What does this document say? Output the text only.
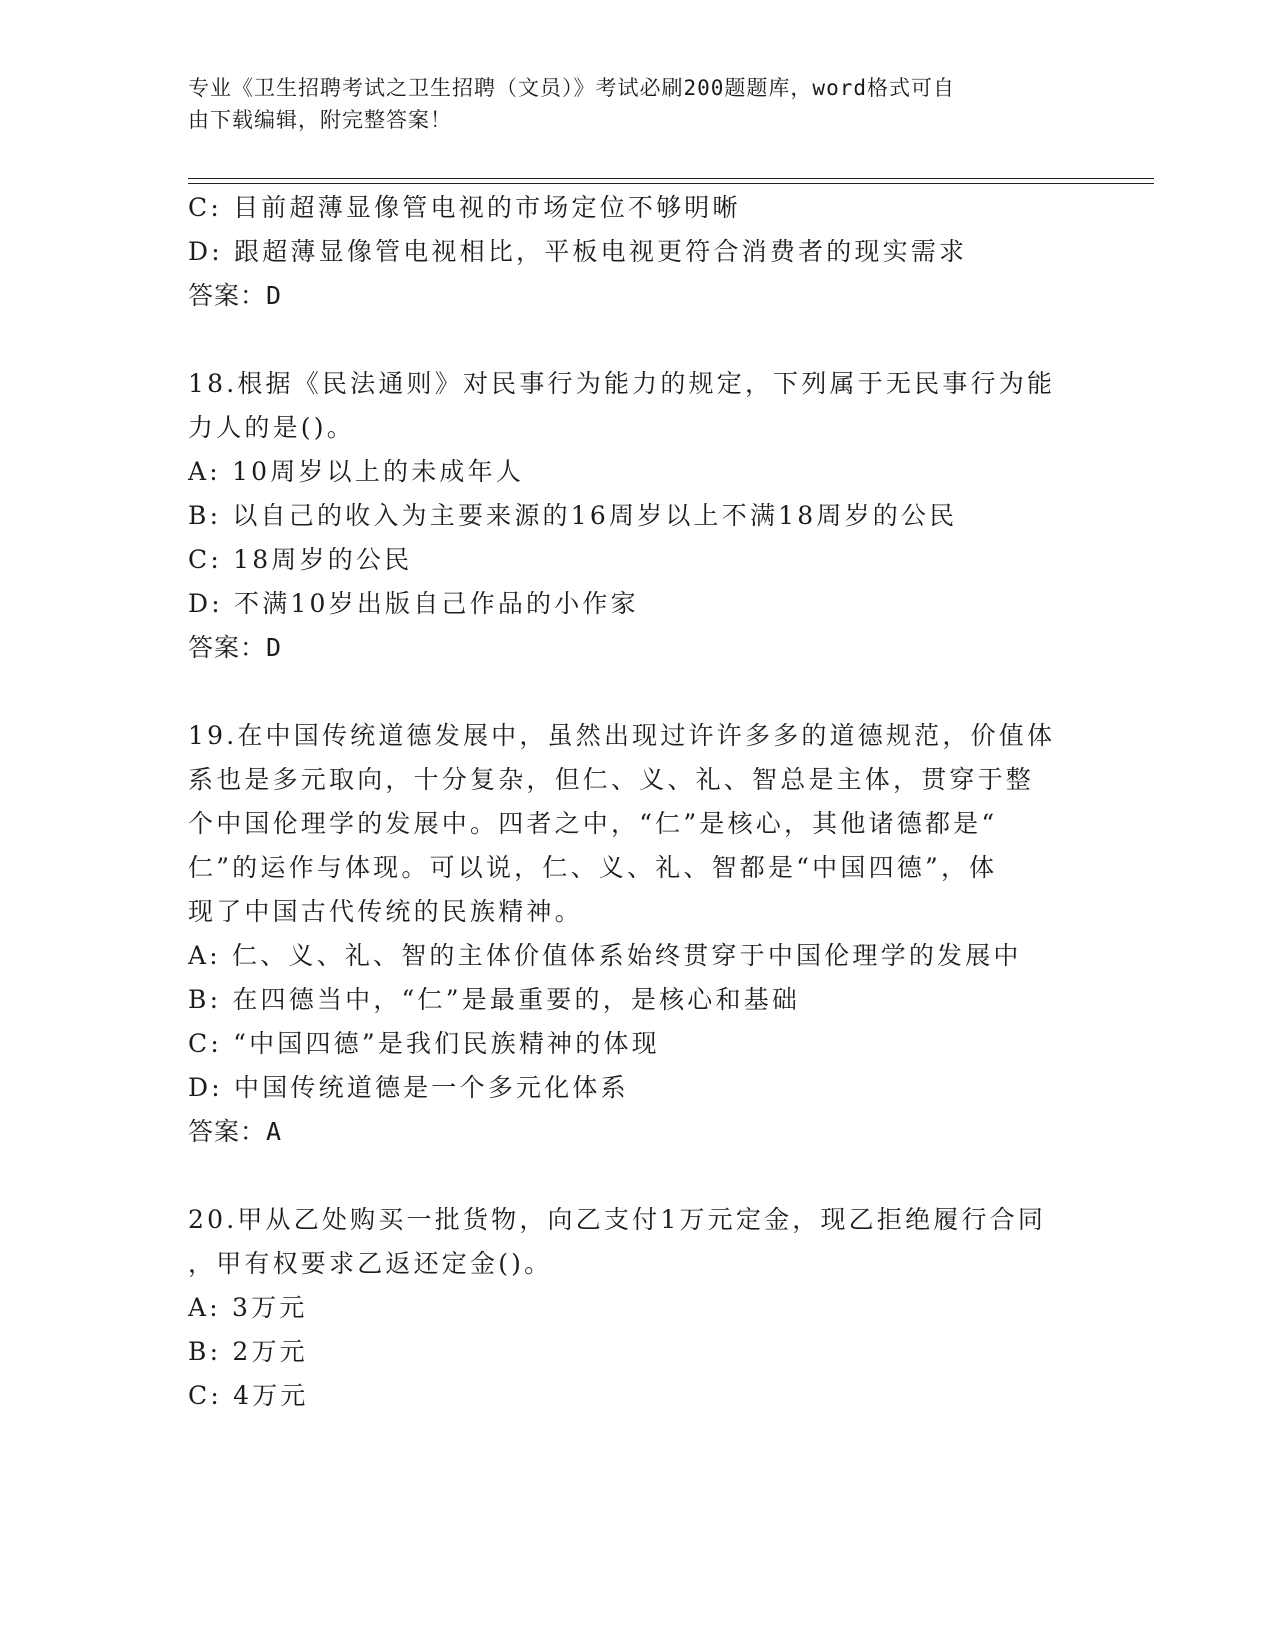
专业《卫生招聘考试之卫生招聘（文员）》考试必刷200题题库，word格式可自
由下载编辑，附完整答案！
C: 目前超薄显像管电视的市场定位不够明晰
D: 跟超薄显像管电视相比，平板电视更符合消费者的现实需求
答案：D
18.根据《民法通则》对民事行为能力的规定，下列属于无民事行为能
力人的是()。
A: 10周岁以上的未成年人
B: 以自己的收入为主要来源的16周岁以上不满18周岁的公民
C: 18周岁的公民
D: 不满10岁出版自己作品的小作家
答案：D
19.在中国传统道德发展中，虽然出现过许许多多的道德规范，价值体
系也是多元取向，十分复杂，但仁、义、礼、智总是主体，贯穿于整
个中国伦理学的发展中。四者之中，“仁”是核心，其他诸德都是“
仁”的运作与体现。可以说，仁、义、礼、智都是“中国四德”，体
现了中国古代传统的民族精神。
A: 仁、义、礼、智的主体价值体系始终贯穿于中国伦理学的发展中
B: 在四德当中，“仁”是最重要的，是核心和基础
C: “中国四德”是我们民族精神的体现
D: 中国传统道德是一个多元化体系
答案：A
20.甲从乙处购买一批货物，向乙支付1万元定金，现乙拒绝履行合同
，甲有权要求乙返还定金()。
A: 3万元
B: 2万元
C: 4万元
